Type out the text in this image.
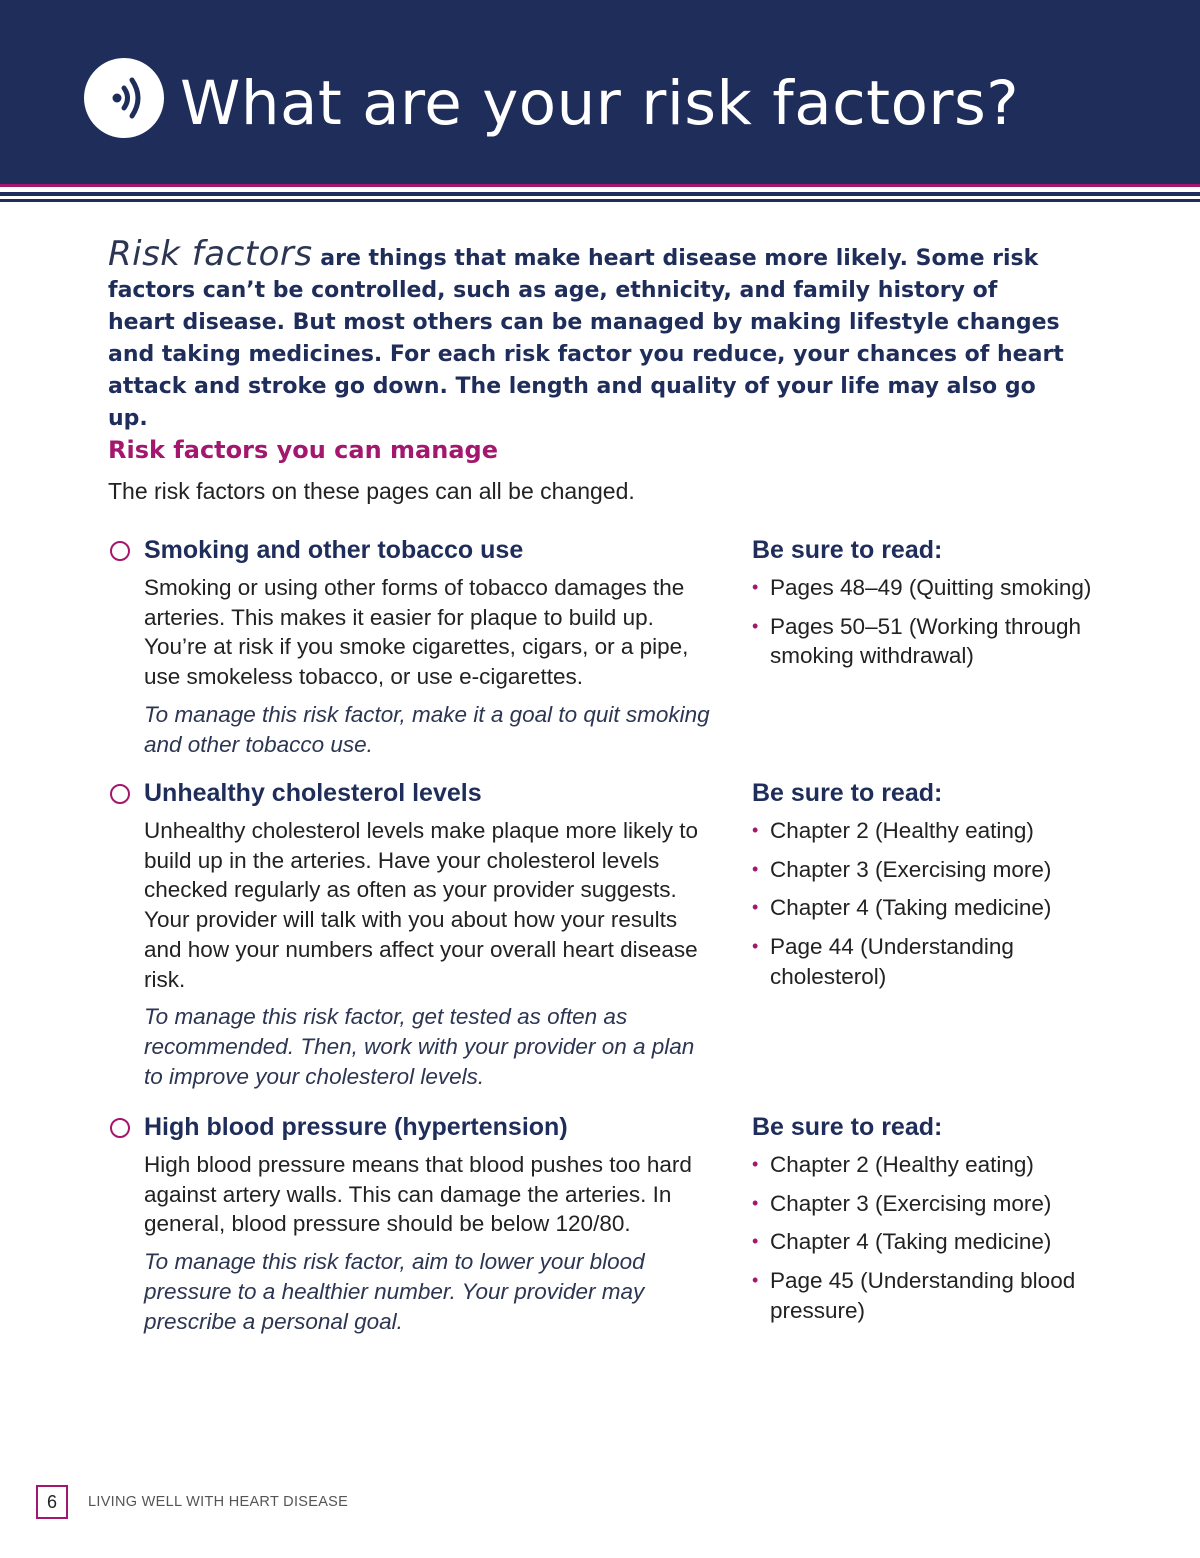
What are your risk factors?
Risk factors are things that make heart disease more likely. Some risk factors can’t be controlled, such as age, ethnicity, and family history of heart disease. But most others can be managed by making lifestyle changes and taking medicines. For each risk factor you reduce, your chances of heart attack and stroke go down. The length and quality of your life may also go up.
Risk factors you can manage
The risk factors on these pages can all be changed.
Smoking and other tobacco use

Smoking or using other forms of tobacco damages the arteries. This makes it easier for plaque to build up. You’re at risk if you smoke cigarettes, cigars, or a pipe, use smokeless tobacco, or use e-cigarettes.

To manage this risk factor, make it a goal to quit smoking and other tobacco use.

Be sure to read:
• Pages 48–49 (Quitting smoking)
• Pages 50–51 (Working through smoking withdrawal)
Unhealthy cholesterol levels

Unhealthy cholesterol levels make plaque more likely to build up in the arteries. Have your cholesterol levels checked regularly as often as your provider suggests. Your provider will talk with you about how your results and how your numbers affect your overall heart disease risk.

To manage this risk factor, get tested as often as recommended. Then, work with your provider on a plan to improve your cholesterol levels.

Be sure to read:
• Chapter 2 (Healthy eating)
• Chapter 3 (Exercising more)
• Chapter 4 (Taking medicine)
• Page 44 (Understanding cholesterol)
High blood pressure (hypertension)

High blood pressure means that blood pushes too hard against artery walls. This can damage the arteries. In general, blood pressure should be below 120/80.

To manage this risk factor, aim to lower your blood pressure to a healthier number. Your provider may prescribe a personal goal.

Be sure to read:
• Chapter 2 (Healthy eating)
• Chapter 3 (Exercising more)
• Chapter 4 (Taking medicine)
• Page 45 (Understanding blood pressure)
6	LIVING WELL WITH HEART DISEASE
